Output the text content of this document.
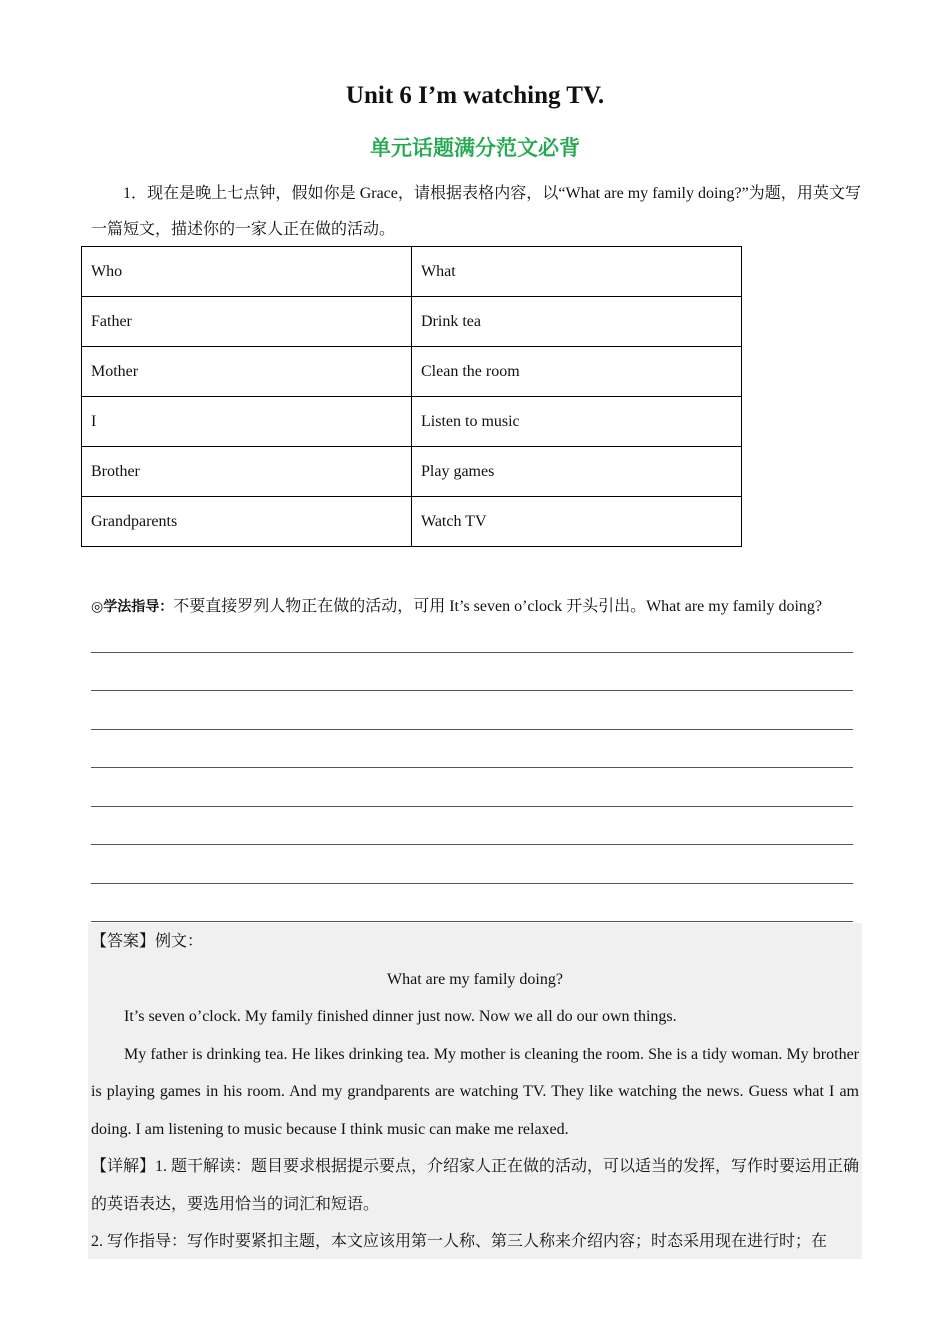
Unit 6 I’m watching TV.
单元话题满分范文必背

1．现在是晚上七点钟，假如你是 Grace，请根据表格内容，以“What are my family doing?”为题，用英文写一篇短文，描述你的一家人正在做的活动。

Who	What
Father	Drink tea
Mother	Clean the room
I	Listen to music
Brother	Play games
Grandparents	Watch TV

◎学法指导：不要直接罗列人物正在做的活动，可用 It’s seven o’clock 开头引出。What are my family doing?

【答案】例文：

What are my family doing?

It’s seven o’clock. My family finished dinner just now. Now we all do our own things.

My father is drinking tea. He likes drinking tea. My mother is cleaning the room. She is a tidy woman. My brother is playing games in his room. And my grandparents are watching TV. They like watching the news. Guess what I am doing. I am listening to music because I think music can make me relaxed.

【详解】1. 题干解读：题目要求根据提示要点，介绍家人正在做的活动，可以适当的发挥，写作时要运用正确的英语表达，要选用恰当的词汇和短语。

2. 写作指导：写作时要紧扣主题，本文应该用第一人称、第三人称来介绍内容；时态采用现在进行时；在
